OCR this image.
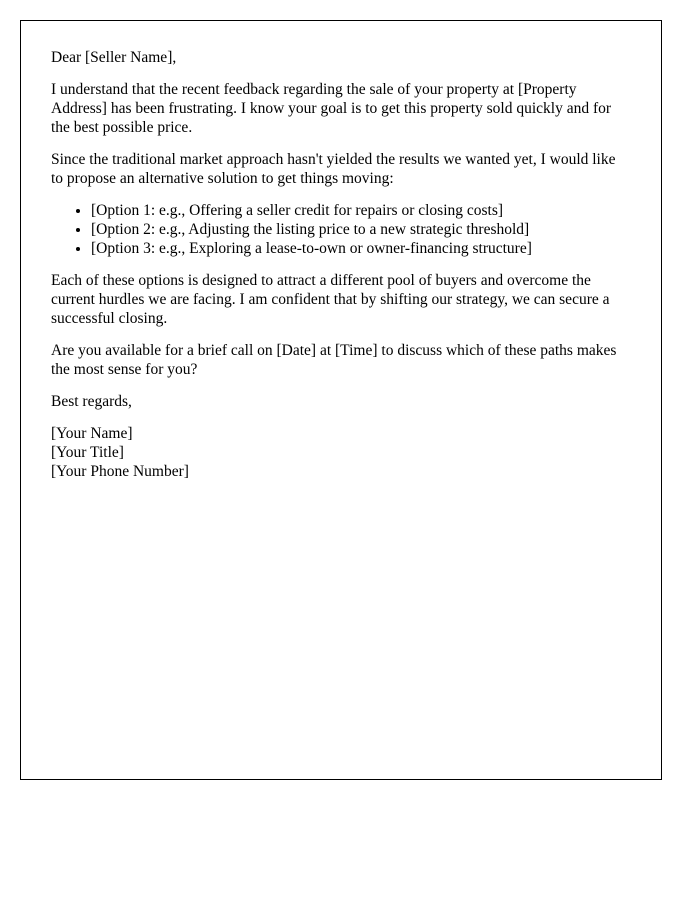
Dear [Seller Name],

I understand that the recent feedback regarding the sale of your property at [Property Address] has been frustrating. I know your goal is to get this property sold quickly and for the best possible price.

Since the traditional market approach hasn't yielded the results we wanted yet, I would like to propose an alternative solution to get things moving:

• [Option 1: e.g., Offering a seller credit for repairs or closing costs]
• [Option 2: e.g., Adjusting the listing price to a new strategic threshold]
• [Option 3: e.g., Exploring a lease-to-own or owner-financing structure]

Each of these options is designed to attract a different pool of buyers and overcome the current hurdles we are facing. I am confident that by shifting our strategy, we can secure a successful closing.

Are you available for a brief call on [Date] at [Time] to discuss which of these paths makes the most sense for you?

Best regards,

[Your Name]
[Your Title]
[Your Phone Number]
